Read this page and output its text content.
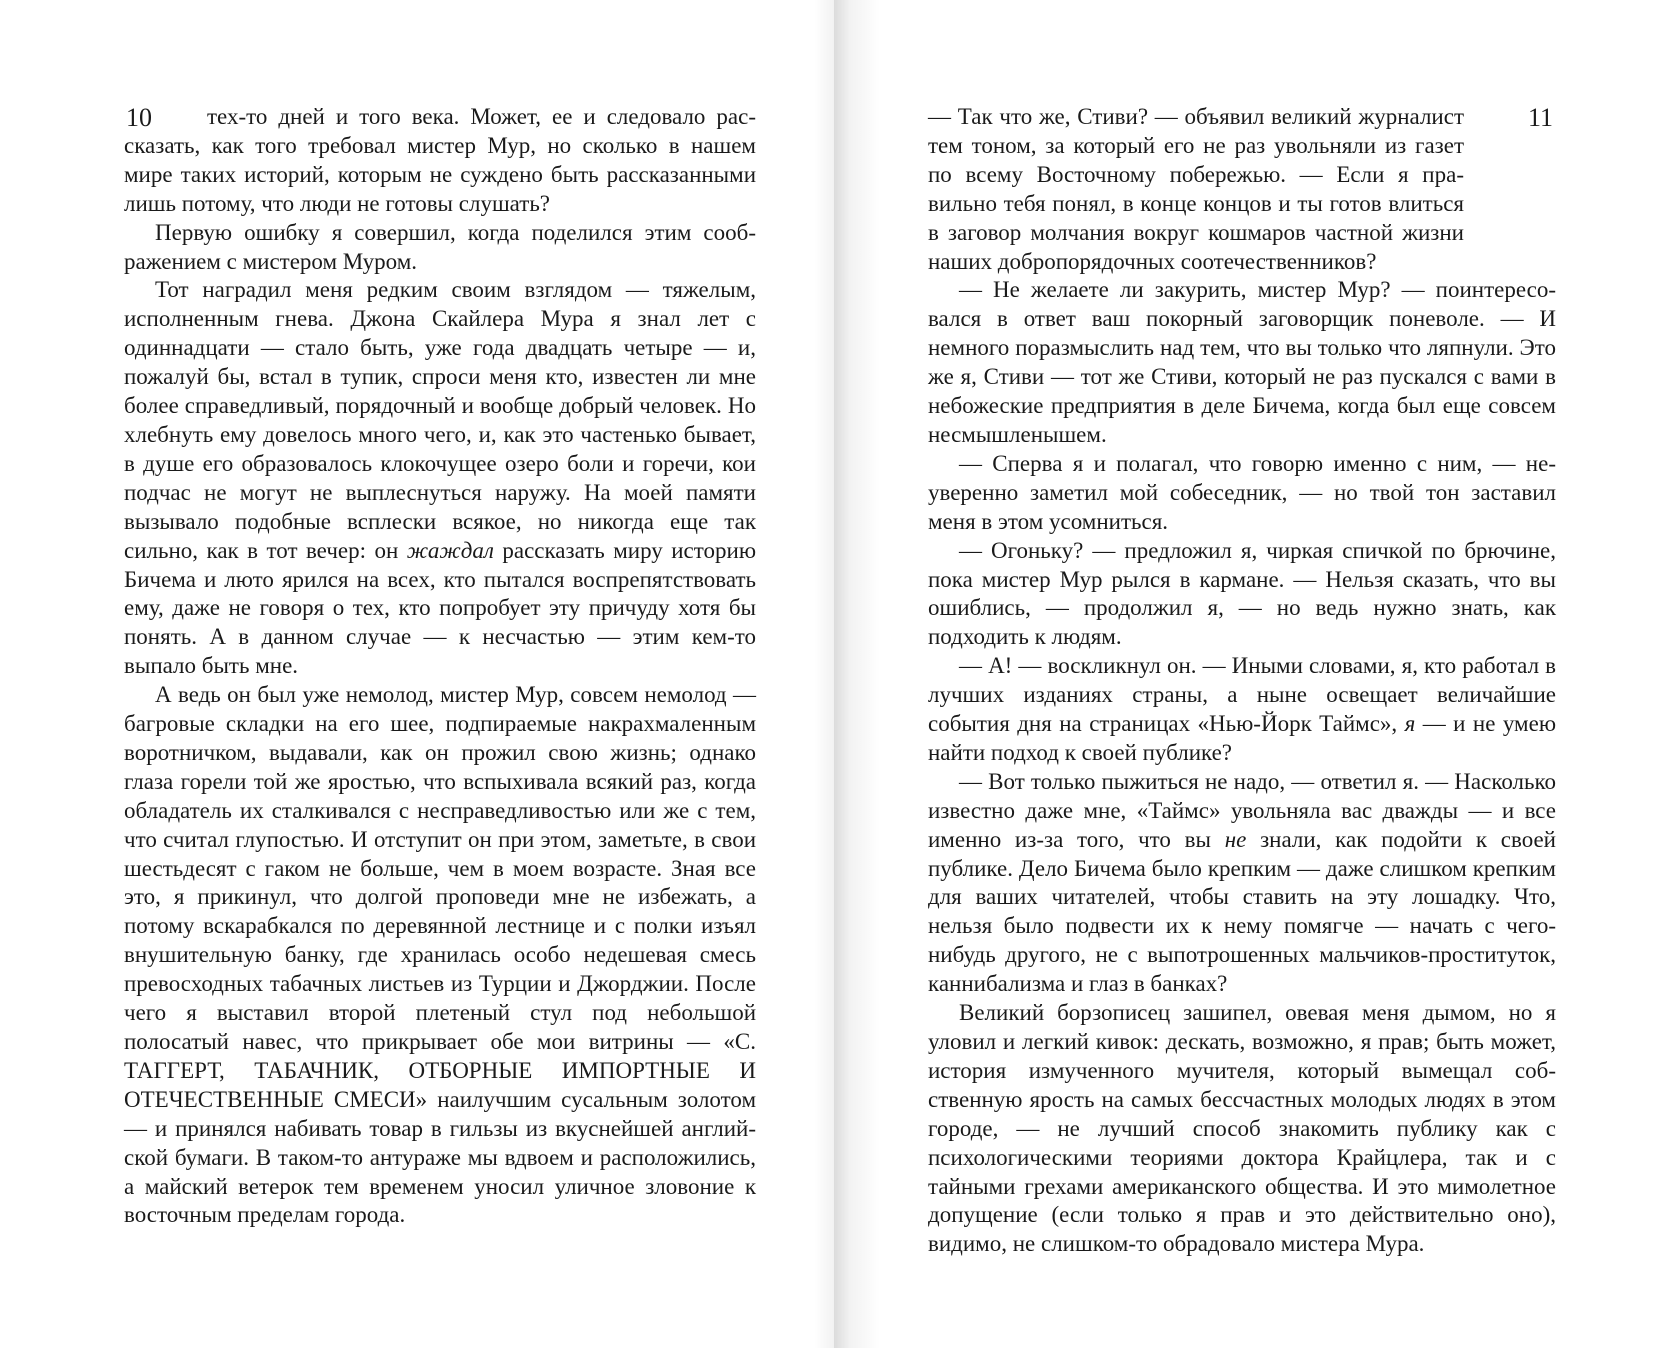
10	тех-то дней и того века. Может, ее и следовало рассказать, как того требовал мистер Мур, но сколько в нашем мире таких историй, которым не суждено быть рассказанными лишь потому, что люди не готовы слушать?

Первую ошибку я совершил, когда поделился этим соображением с мистером Муром.

Тот наградил меня редким своим взглядом — тяжелым, исполненным гнева. Джона Скайлера Мура я знал лет с одиннадцати — стало быть, уже года двадцать четыре — и, пожалуй бы, встал в тупик, спроси меня кто, известен ли мне более справедливый, порядочный и вообще добрый человек. Но хлебнуть ему довелось много чего, и, как это частенько бывает, в душе его образовалось клокочущее озеро боли и горечи, кои подчас не могут не выплеснуться наружу. На моей памяти вызывало подобные всплески всякое, но никогда еще так сильно, как в тот вечер: он жаждал рассказать миру историю Бичема и люто ярился на всех, кто пытался воспрепятствовать ему, даже не говоря о тех, кто попробует эту причуду хотя бы понять. А в данном случае — к несчастью — этим кем-то выпало быть мне.

А ведь он был уже немолод, мистер Мур, совсем немолод — багровые складки на его шее, подпираемые накрахмаленным воротничком, выдавали, как он прожил свою жизнь; однако глаза горели той же яростью, что вспыхивала всякий раз, когда обладатель их сталкивался с несправедливостью или же с тем, что считал глупостью. И отступит он при этом, заметьте, в свои шестьдесят с гаком не больше, чем в моем возрасте. Зная все это, я прикинул, что долгой проповеди мне не избежать, а потому вскарабкался по деревянной лестнице и с полки изъял внушительную банку, где хранилась особо недешевая смесь превосходных табачных листьев из Турции и Джорджии. После чего я выставил второй плетеный стул под небольшой полосатый навес, что прикрывает обе мои витрины — «С. ТАГГЕРТ, ТАБАЧНИК, ОТБОРНЫЕ ИМПОРТНЫЕ И ОТЕЧЕСТВЕННЫЕ СМЕСИ» наилучшим сусальным золотом — и принялся набивать товар в гильзы из вкуснейшей английской бумаги. В таком-то антураже мы вдвоем и расположились, а майский ветерок тем временем уносил уличное зловоние к восточным пределам города.

11

— Так что же, Стиви? — объявил великий журналист тем тоном, за который его не раз увольняли из газет по всему Восточному побережью. — Если я правильно тебя понял, в конце концов и ты готов влиться в заговор молчания вокруг кошмаров частной жизни наших добропорядочных соотечественников?

— Не желаете ли закурить, мистер Мур? — поинтересовался в ответ ваш покорный заговорщик поневоле. — И немного поразмыслить над тем, что вы только что ляпнули. Это же я, Стиви — тот же Стиви, который не раз пускался с вами в небожеские предприятия в деле Бичема, когда был еще совсем несмышленышем.

— Сперва я и полагал, что говорю именно с ним, — неуверенно заметил мой собеседник, — но твой тон заставил меня в этом усомниться.

— Огоньку? — предложил я, чиркая спичкой по брючине, пока мистер Мур рылся в кармане. — Нельзя сказать, что вы ошиблись, — продолжил я, — но ведь нужно знать, как подходить к людям.

— А! — воскликнул он. — Иными словами, я, кто работал в лучших изданиях страны, а ныне освещает величайшие события дня на страницах «Нью-Йорк Таймс», я — и не умею найти подход к своей публике?

— Вот только пыжиться не надо, — ответил я. — Насколько известно даже мне, «Таймс» увольняла вас дважды — и все именно из-за того, что вы не знали, как подойти к своей публике. Дело Бичема было крепким — даже слишком крепким для ваших читателей, чтобы ставить на эту лошадку. Что, нельзя было подвести их к нему помягче — начать с чего-нибудь другого, не с выпотрошенных мальчиков-проституток, каннибализма и глаз в банках?

Великий борзописец зашипел, овевая меня дымом, но я уловил и легкий кивок: дескать, возможно, я прав; быть может, история измученного мучителя, который вымещал собственную ярость на самых бессчастных молодых людях в этом городе, — не лучший способ знакомить публику как с психологическими теориями доктора Крайцлера, так и с тайными грехами американского общества. И это мимолетное допущение (если только я прав и это действительно оно), видимо, не слишком-то обрадовало мистера Мура.
